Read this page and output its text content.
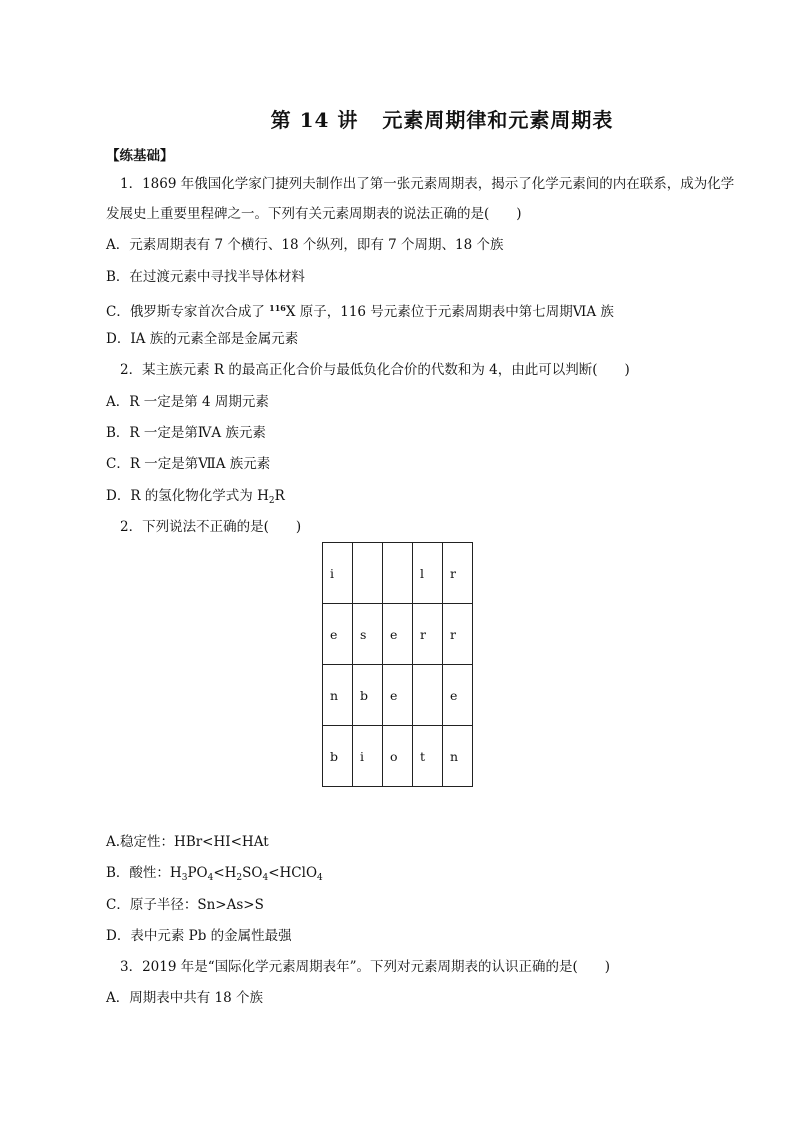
第 14 讲 元素周期律和元素周期表
【练基础】
1．1869 年俄国化学家门捷列夫制作出了第一张元素周期表，揭示了化学元素间的内在联系，成为化学
发展史上重要里程碑之一。下列有关元素周期表的说法正确的是(　　)
A．元素周期表有 7 个横行、18 个纵列，即有 7 个周期、18 个族
B．在过渡元素中寻找半导体材料
C．俄罗斯专家首次合成了 $^{116}$X 原子，116 号元素位于元素周期表中第七周期ⅥA 族
D．ⅠA 族的元素全部是金属元素
2．某主族元素 R 的最高正化合价与最低负化合价的代数和为 4，由此可以判断(　　)
A．R 一定是第 4 周期元素
B．R 一定是第ⅣA 族元素
C．R 一定是第ⅦA 族元素
D．R 的氢化物化学式为 $H_2R$
2．下列说法不正确的是(　　)
i			l	r
e	s	e	r	r
n	b	e		e
b	i	o	t	n
A.稳定性：HBr<HI<HAt
B．酸性：$H_3PO_4<H_2SO_4<HClO_4$
C．原子半径：Sn>As>S
D．表中元素 Pb 的金属性最强
3．2019 年是“国际化学元素周期表年”。下列对元素周期表的认识正确的是(　　)
A．周期表中共有 18 个族
